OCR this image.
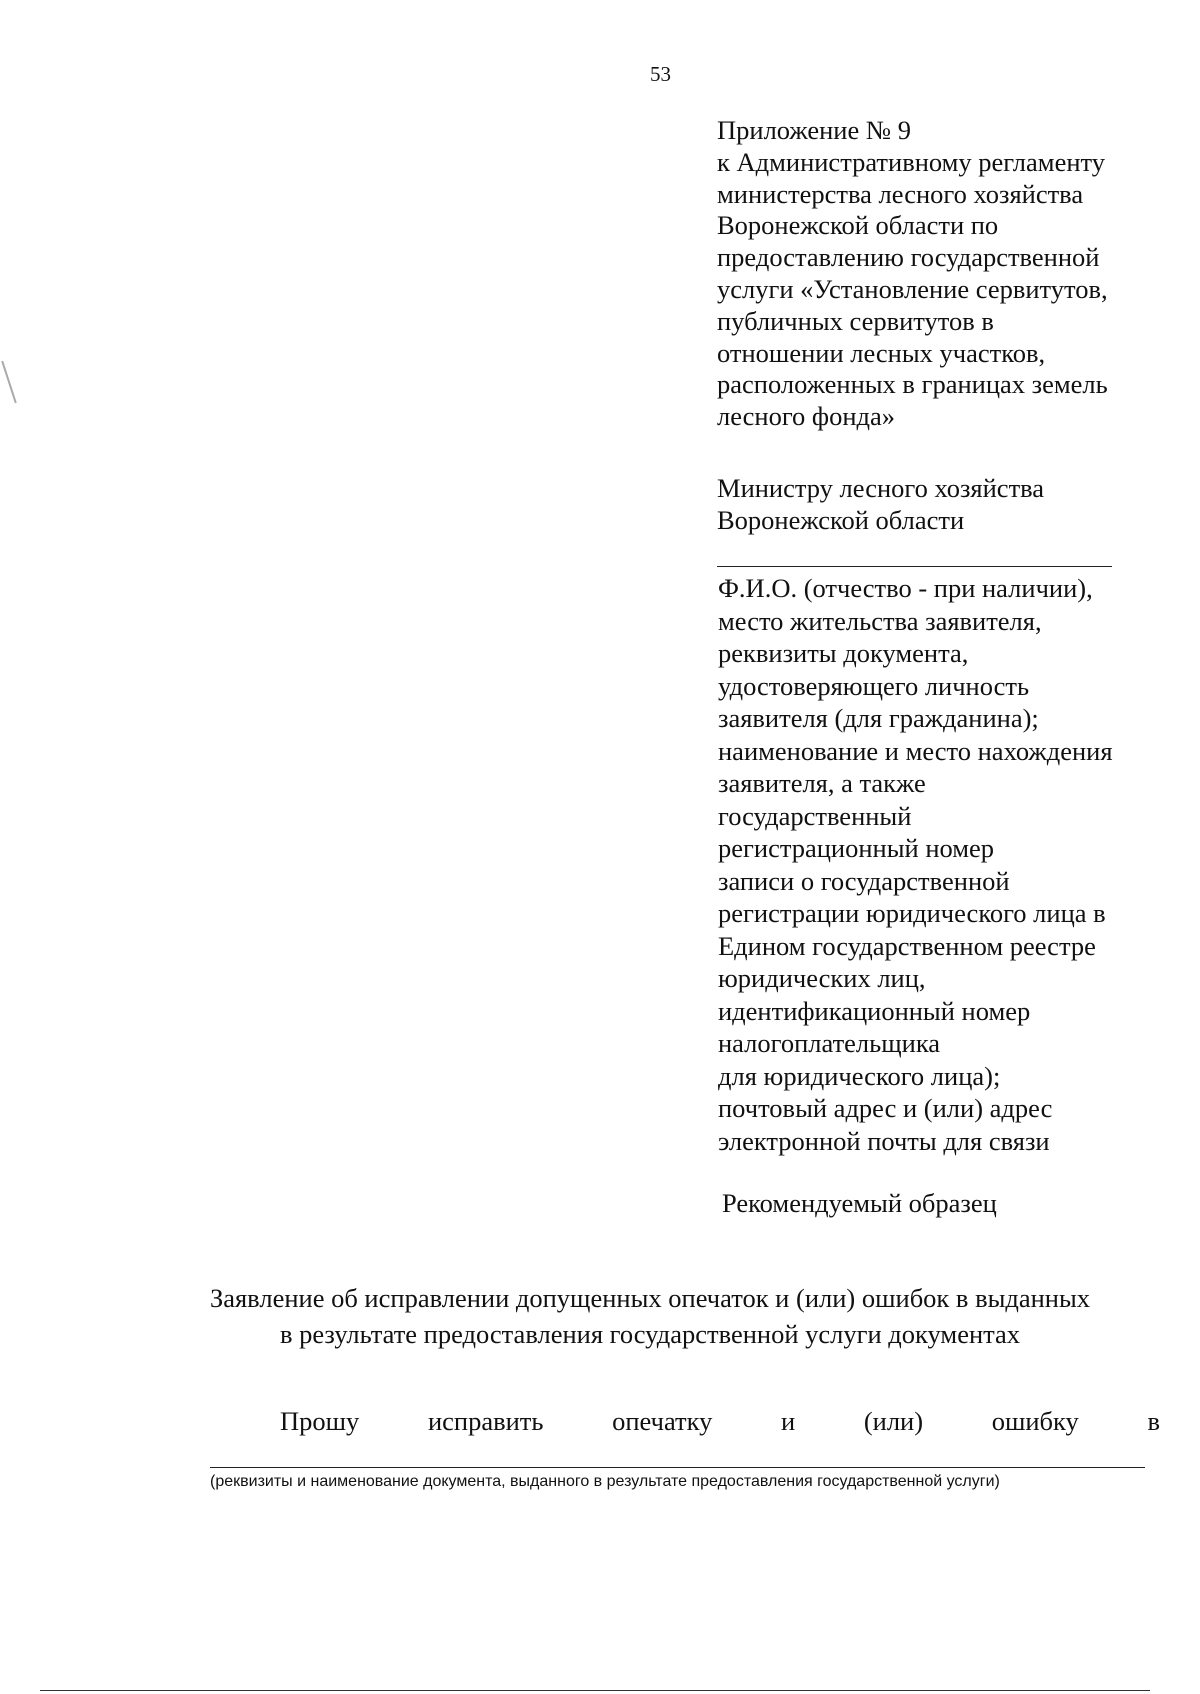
53
Приложение № 9
к Административному регламенту
министерства лесного хозяйства
Воронежской области по
предоставлению государственной
услуги «Установление сервитутов,
публичных сервитутов в
отношении лесных участков,
расположенных в границах земель
лесного фонда»
Министру лесного хозяйства
Воронежской области
Ф.И.О. (отчество - при наличии),
место жительства заявителя,
реквизиты документа,
удостоверяющего личность
заявителя (для гражданина);
наименование и место нахождения
заявителя, а также
государственный
регистрационный номер
записи о государственной
регистрации юридического лица в
Едином государственном реестре
юридических лиц,
идентификационный номер
налогоплательщика
для юридического лица);
почтовый адрес и (или) адрес
электронной почты для связи
Рекомендуемый образец
Заявление об исправлении допущенных опечаток и (или) ошибок в выданных
в результате предоставления государственной услуги документах
Прошу	исправить	опечатку	и	(или)	ошибку	в
(реквизиты и наименование документа, выданного в результате предоставления государственной услуги)
